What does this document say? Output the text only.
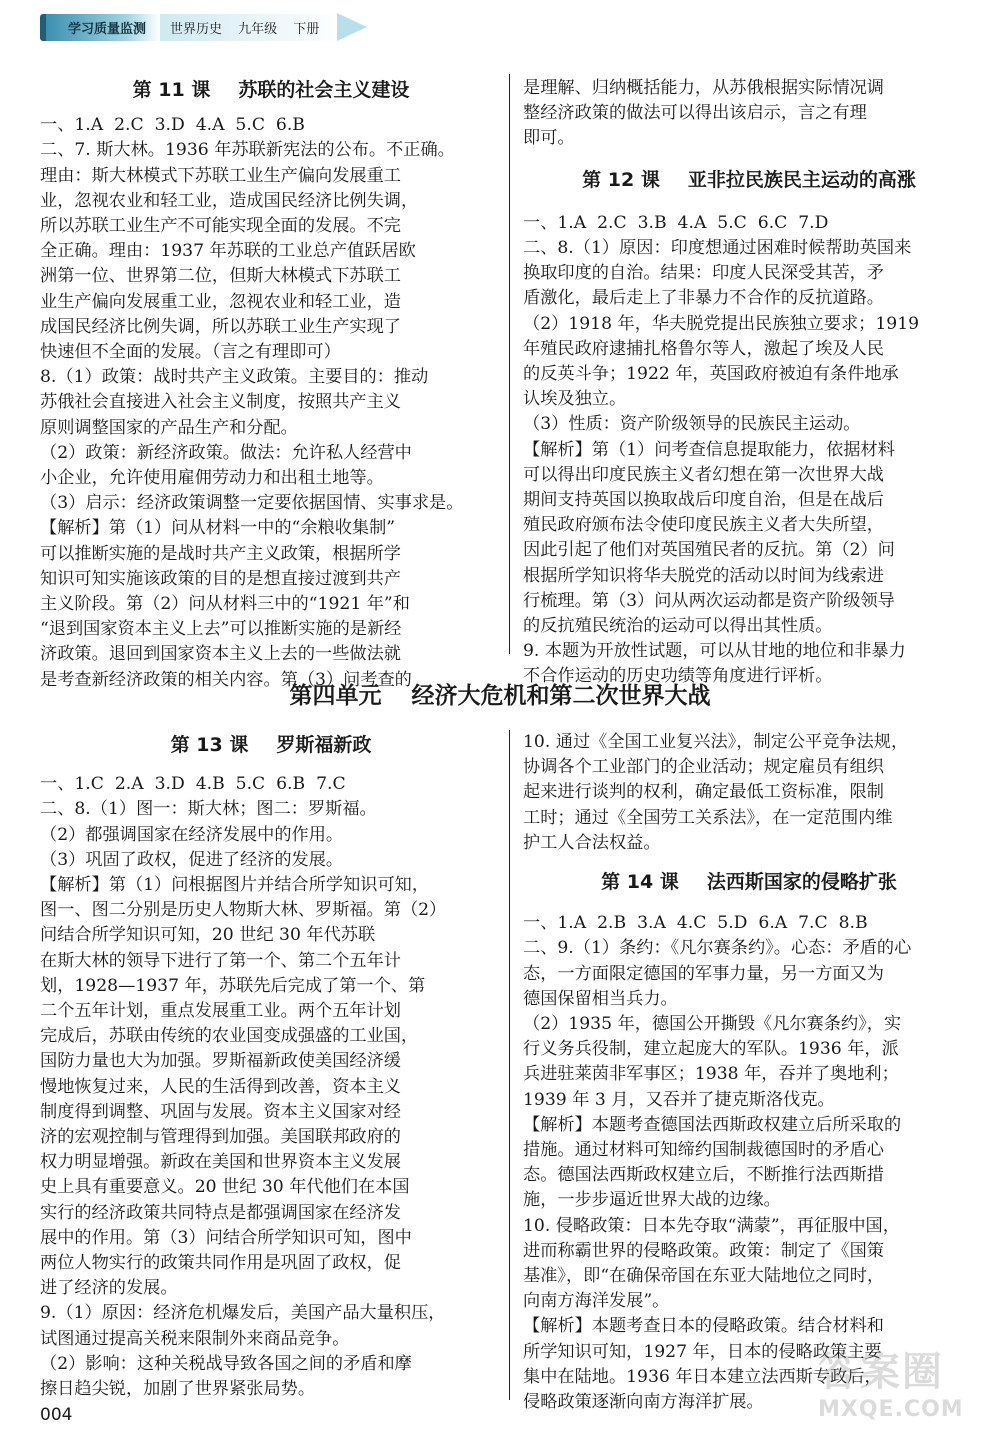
学习质量监测	世界历史 九年级 下册
第 11 课 苏联的社会主义建设

一、1.A  2.C  3.D  4.A  5.C  6.B

二、7. 斯大林。1936 年苏联新宪法的公布。不正确。

理由：斯大林模式下苏联工业生产偏向发展重工

业，忽视农业和轻工业，造成国民经济比例失调，

所以苏联工业生产不可能实现全面的发展。不完

全正确。理由：1937 年苏联的工业总产值跃居欧

洲第一位、世界第二位，但斯大林模式下苏联工

业生产偏向发展重工业，忽视农业和轻工业，造

成国民经济比例失调，所以苏联工业生产实现了

快速但不全面的发展。（言之有理即可）

8.（1）政策：战时共产主义政策。主要目的：推动

苏俄社会直接进入社会主义制度，按照共产主义

原则调整国家的产品生产和分配。

（2）政策：新经济政策。做法：允许私人经营中

小企业，允许使用雇佣劳动力和出租土地等。

（3）启示：经济政策调整一定要依据国情、实事求是。

【解析】第（1）问从材料一中的“余粮收集制”

可以推断实施的是战时共产主义政策，根据所学

知识可知实施该政策的目的是想直接过渡到共产

主义阶段。第（2）问从材料三中的“1921 年”和

“退到国家资本主义上去”可以推断实施的是新经

济政策。退回到国家资本主义上去的一些做法就

是考查新经济政策的相关内容。第（3）问考查的

是理解、归纳概括能力，从苏俄根据实际情况调

整经济政策的做法可以得出该启示，言之有理

即可。

第 12 课 亚非拉民族民主运动的高涨

一、1.A  2.C  3.B  4.A  5.C  6.C  7.D

二、8.（1）原因：印度想通过困难时候帮助英国来

换取印度的自治。结果：印度人民深受其苦，矛

盾激化，最后走上了非暴力不合作的反抗道路。

（2）1918 年，华夫脱党提出民族独立要求；1919

年殖民政府逮捕扎格鲁尔等人，激起了埃及人民

的反英斗争；1922 年，英国政府被迫有条件地承

认埃及独立。

（3）性质：资产阶级领导的民族民主运动。

【解析】第（1）问考查信息提取能力，依据材料

可以得出印度民族主义者幻想在第一次世界大战

期间支持英国以换取战后印度自治，但是在战后

殖民政府颁布法令使印度民族主义者大失所望，

因此引起了他们对英国殖民者的反抗。第（2）问

根据所学知识将华夫脱党的活动以时间为线索进

行梳理。第（3）问从两次运动都是资产阶级领导

的反抗殖民统治的运动可以得出其性质。

9. 本题为开放性试题，可以从甘地的地位和非暴力

不合作运动的历史功绩等角度进行评析。

第四单元 经济大危机和第二次世界大战
第 13 课 罗斯福新政

一、1.C  2.A  3.D  4.B  5.C  6.B  7.C

二、8.（1）图一：斯大林；图二：罗斯福。

（2）都强调国家在经济发展中的作用。

（3）巩固了政权，促进了经济的发展。

【解析】第（1）问根据图片并结合所学知识可知，

图一、图二分别是历史人物斯大林、罗斯福。第（2）

问结合所学知识可知，20 世纪 30 年代苏联

在斯大林的领导下进行了第一个、第二个五年计

划，1928—1937 年，苏联先后完成了第一个、第

二个五年计划，重点发展重工业。两个五年计划

完成后，苏联由传统的农业国变成强盛的工业国，

国防力量也大为加强。罗斯福新政使美国经济缓

慢地恢复过来，人民的生活得到改善，资本主义

制度得到调整、巩固与发展。资本主义国家对经

济的宏观控制与管理得到加强。美国联邦政府的

权力明显增强。新政在美国和世界资本主义发展

史上具有重要意义。20 世纪 30 年代他们在本国

实行的经济政策共同特点是都强调国家在经济发

展中的作用。第（3）问结合所学知识可知，图中

两位人物实行的政策共同作用是巩固了政权，促

进了经济的发展。

9.（1）原因：经济危机爆发后，美国产品大量积压，

试图通过提高关税来限制外来商品竞争。

（2）影响：这种关税战导致各国之间的矛盾和摩

擦日趋尖锐，加剧了世界紧张局势。

10. 通过《全国工业复兴法》，制定公平竞争法规，

协调各个工业部门的企业活动；规定雇员有组织

起来进行谈判的权利，确定最低工资标准，限制

工时；通过《全国劳工关系法》，在一定范围内维

护工人合法权益。

第 14 课 法西斯国家的侵略扩张

一、1.A  2.B  3.A  4.C  5.D  6.A  7.C  8.B

二、9.（1）条约：《凡尔赛条约》。心态：矛盾的心

态，一方面限定德国的军事力量，另一方面又为

德国保留相当兵力。

（2）1935 年，德国公开撕毁《凡尔赛条约》，实

行义务兵役制，建立起庞大的军队。1936 年，派

兵进驻莱茵非军事区；1938 年，吞并了奥地利；

1939 年 3 月，又吞并了捷克斯洛伐克。

【解析】本题考查德国法西斯政权建立后所采取的

措施。通过材料可知缔约国制裁德国时的矛盾心

态。德国法西斯政权建立后，不断推行法西斯措

施，一步步逼近世界大战的边缘。

10. 侵略政策：日本先夺取“满蒙”，再征服中国，

进而称霸世界的侵略政策。政策：制定了《国策

基准》，即“在确保帝国在东亚大陆地位之同时，

向南方海洋发展”。

【解析】本题考查日本的侵略政策。结合材料和

所学知识可知，1927 年，日本的侵略政策主要

集中在陆地。1936 年日本建立法西斯专政后，

侵略政策逐渐向南方海洋扩展。

004
答案圈
MXQE.COM
